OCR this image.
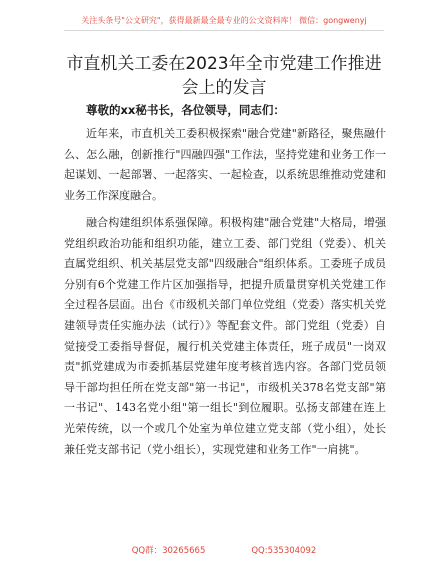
关注头条号"公文研究"，获得最新最全最专业的公文资料库！ 微信：gongwenyj
市直机关工委在2023年全市党建工作推进会上的发言
尊敬的xx秘书长，各位领导，同志们：
近年来，市直机关工委积极探索"融合党建"新路径，聚焦融什么、怎么融，创新推行"四融四强"工作法，坚持党建和业务工作一起谋划、一起部署、一起落实、一起检查，以系统思维推动党建和业务工作深度融合。
融合构建组织体系强保障。积极构建"融合党建"大格局，增强党组织政治功能和组织功能，建立工委、部门党组（党委）、机关直属党组织、机关基层党支部"四级融合"组织体系。工委班子成员分别有6个党建工作片区加强指导，把提升质量贯穿机关党建工作全过程各层面。出台《市级机关部门单位党组（党委）落实机关党建领导责任实施办法（试行）》等配套文件。部门党组（党委）自觉接受工委指导督促，履行机关党建主体责任，班子成员"一岗双责"抓党建成为市委抓基层党建年度考核首选内容。各部门党员领导干部均担任所在党支部"第一书记"，市级机关378名党支部"第一书记"、143名党小组"第一组长"到位履职。弘扬支部建在连上光荣传统，以一个或几个处室为单位建立党支部（党小组），处长兼任党支部书记（党小组长），实现党建和业务工作"一肩挑"。
QQ群：30265665	QQ:535304092
